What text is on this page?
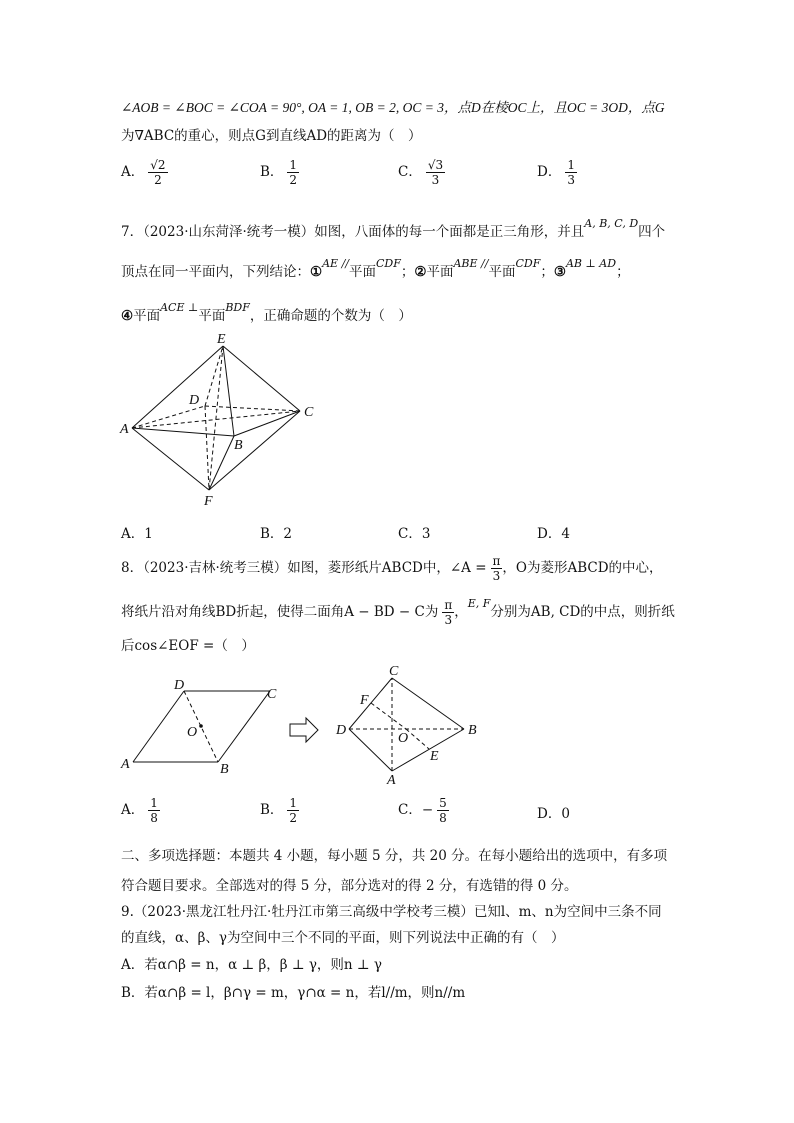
∠AOB = ∠BOC = ∠COA = 90°, OA = 1, OB = 2, OC = 3，点D在棱OC上，且OC = 3OD，点G
为∇ABC的重心，则点G到直线AD的距离为（　）
A． $\frac{√2}{2}$	B． $\frac{1}{2}$	C． $\frac{√3}{3}$	D． $\frac{1}{3}$
7．（2023·山东菏泽·统考一模）如图，八面体的每一个面都是正三角形，并且$^{A, B, C, D}$四个
顶点在同一平面内，下列结论：①$^{AE //}$平面$^{CDF}$；②平面$^{ABE //}$平面$^{CDF}$；③$^{AB \perp AD}$；
④平面$^{ACE \perp}$平面$^{BDF}$，正确命题的个数为（　）
E
D
C
A
B
F
A．1	B．2	C．3	D．4
8．（2023·吉林·统考三模）如图，菱形纸片ABCD中，∠A = $\frac{\pi}{3}$ ，O为菱形ABCD的中心，
将纸片沿对角线BD折起，使得二面角A − BD − C为 $\frac{\pi}{3}$ ，$^{E, F}$分别为AB, CD的中点，则折纸
后cos∠EOF =（　）
D
C
O
A	B
C
F
D
O
B
E
A
A． $\frac{1}{8}$	B． $\frac{1}{2}$	C．− $\frac{5}{8}$	D．0
二、多项选择题：本题共 4 小题，每小题 5 分，共 20 分。在每小题给出的选项中，有多项
符合题目要求。全部选对的得 5 分，部分选对的得 2 分，有选错的得 0 分。
9.（2023·黑龙江牡丹江·牡丹江市第三高级中学校考三模）已知l、m、n为空间中三条不同
的直线，α、β、γ为空间中三个不同的平面，则下列说法中正确的有（　）
A．若α∩β = n，α ⊥ β，β ⊥ γ，则n ⊥ γ
B．若α∩β = l，β∩γ = m，γ∩α = n，若l//m，则n//m
